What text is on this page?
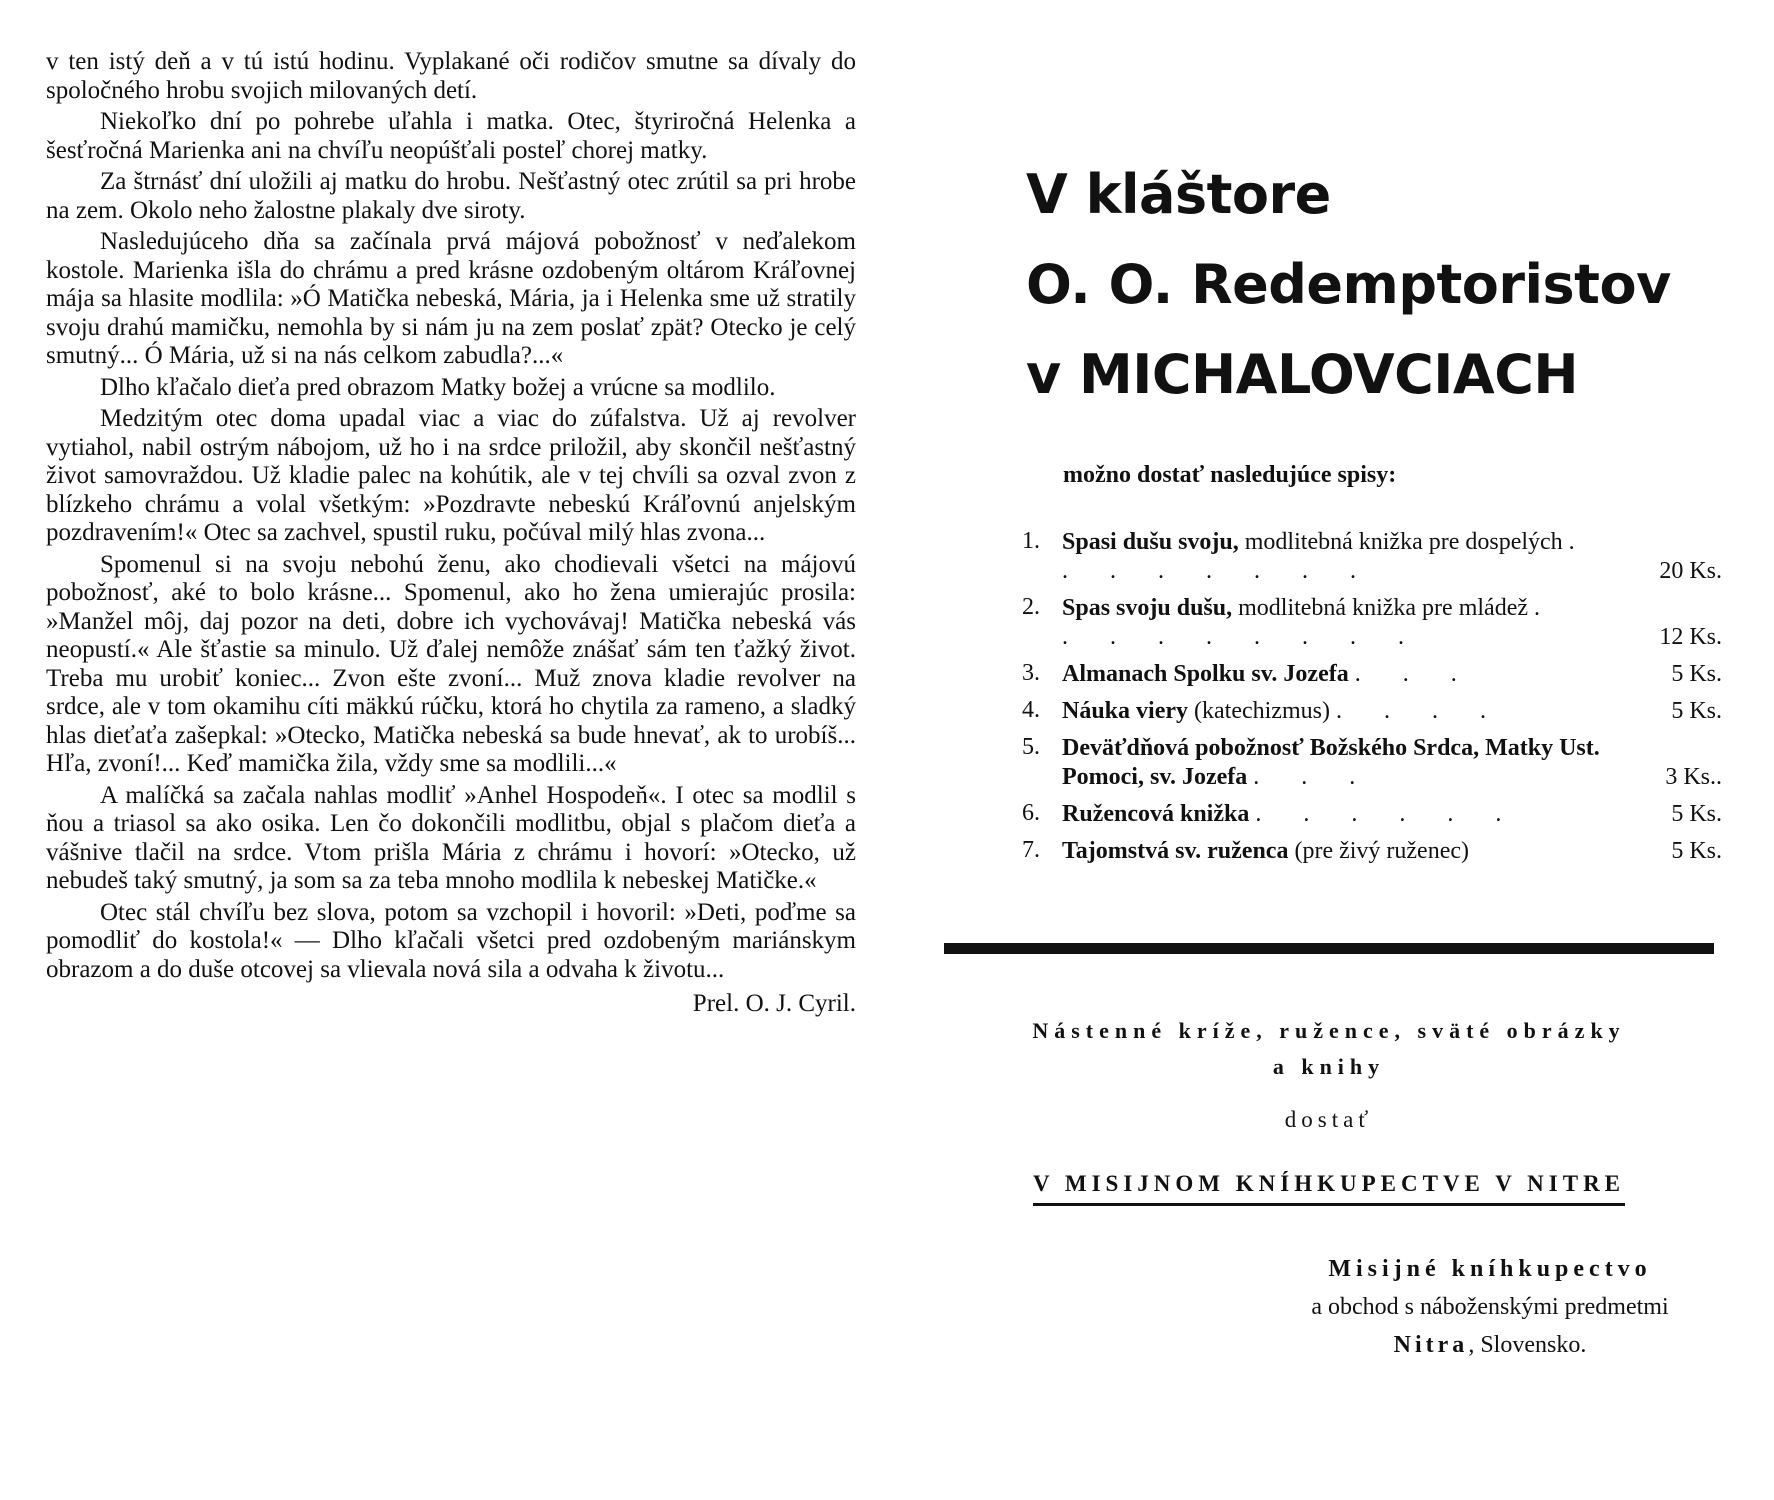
v ten istý deň a v tú istú hodinu. Vyplakané oči rodičov smutne sa dívaly do spoločného hrobu svojich milovaných detí.

Niekoľko dní po pohrebe uľahla i matka. Otec, štyriročná Helenka a šesťročná Marienka ani na chvíľu neopúšťali posteľ chorej matky.

Za štrnásť dní uložili aj matku do hrobu. Nešťastný otec zrútil sa pri hrobe na zem. Okolo neho žalostne plakaly dve siroty.

Nasledujúceho dňa sa začínala prvá májová pobožnosť v neďalekom kostole. Marienka išla do chrámu a pred krásne ozdobeným oltárom Kráľovnej mája sa hlasite modlila: »Ó Matička nebeská, Mária, ja i Helenka sme už stratily svoju drahú mamičku, nemohla by si nám ju na zem poslať zpät? Otecko je celý smutný... Ó Mária, už si na nás celkom zabudla?...«

Dlho kľačalo dieťa pred obrazom Matky božej a vrúcne sa modlilo.

Medzitým otec doma upadal viac a viac do zúfalstva. Už aj revolver vytiahol, nabil ostrým nábojom, už ho i na srdce priložil, aby skončil nešťastný život samovraždou. Už kladie palec na kohútik, ale v tej chvíli sa ozval zvon z blízkeho chrámu a volal všetkým: »Pozdravte nebeskú Kráľovnú anjelským pozdravením!« Otec sa zachvel, spustil ruku, počúval milý hlas zvona...

Spomenul si na svoju nebohú ženu, ako chodievali všetci na májovú pobožnosť, aké to bolo krásne... Spomenul, ako ho žena umierajúc prosila: »Manžel môj, daj pozor na deti, dobre ich vychovávaj! Matička nebeská vás neopustí.« Ale šťastie sa minulo. Už ďalej nemôže znášať sám ten ťažký život. Treba mu urobiť koniec... Zvon ešte zvoní... Muž znova kladie revolver na srdce, ale v tom okamihu cíti mäkkú rúčku, ktorá ho chytila za rameno, a sladký hlas dieťaťa zašepkal: »Otecko, Matička nebeská sa bude hnevať, ak to urobíš... Hľa, zvoní!... Keď mamička žila, vždy sme sa modlili...«

A malíčká sa začala nahlas modliť »Anhel Hospodeň«. I otec sa modlil s ňou a triasol sa ako osika. Len čo dokončili modlitbu, objal s plačom dieťa a vášnive tlačil na srdce. Vtom prišla Mária z chrámu i hovorí: »Otecko, už nebudeš taký smutný, ja som sa za teba mnoho modlila k nebeskej Matičke.«

Otec stál chvíľu bez slova, potom sa vzchopil i hovoril: »Deti, poďme sa pomodliť do kostola!« — Dlho kľačali všetci pred ozdobeným mariánskym obrazom a do duše otcovej sa vlievala nová sila a odvaha k životu...

Prel. O. J. Cyril.

V kláštore
O. O. Redemptoristov
v MICHALOVCIACH
možno dostať nasledujúce spisy:
1. Spasi dušu svoju, modlitebná knižka pre dospelých . . . . . . . .	20 Ks.
2. Spas svoju dušu, modlitebná knižka pre mládež . . . . . . . . .	12 Ks.
3. Almanach Spolku sv. Jozefa . . .	5 Ks.
4. Náuka viery (katechizmus) . . . .	5 Ks.
5. Deväťdňová pobožnosť Božského Srdca, Matky Ust. Pomoci, sv. Jozefa . . .	3 Ks..
6. Ružencová knižka . . . . . .	5 Ks.
7. Tajomstvá sv. ruženca (pre živý ruženec)	5 Ks.
Nástenné kríže, ružence, sväté obrázky
a knihy
dostať
V MISIJNOM KNÍHKUPECTVE V NITRE
Misijné kníhkupectvo
a obchod s náboženskými predmetmi
Nitra, Slovensko.
